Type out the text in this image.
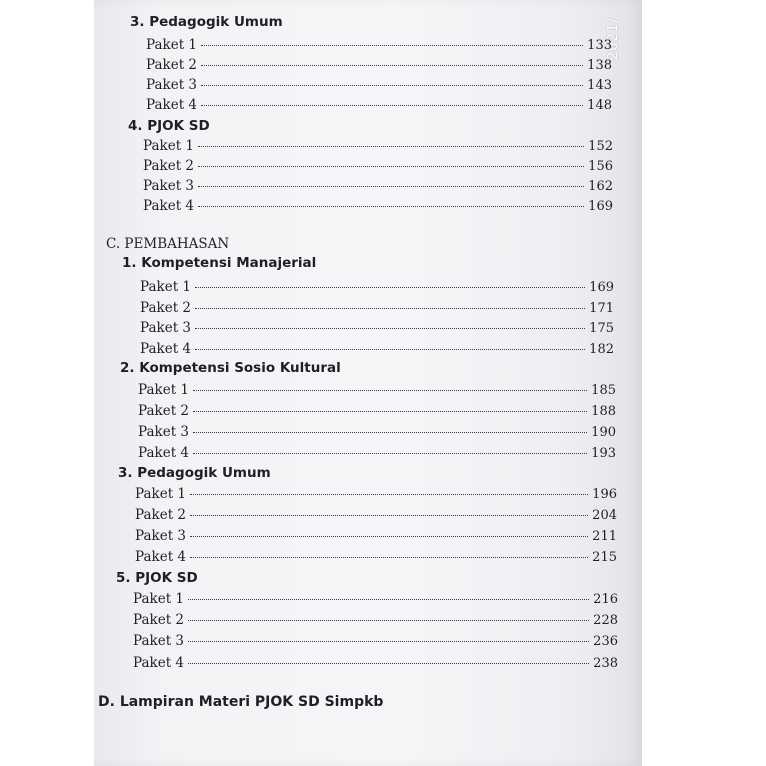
2021/
3. Pedagogik Umum
Paket 1	133
Paket 2	138
Paket 3	143
Paket 4	148
4. PJOK SD
Paket 1	152
Paket 2	156
Paket 3	162
Paket 4	169
C. PEMBAHASAN
1. Kompetensi Manajerial
Paket 1	169
Paket 2	171
Paket 3	175
Paket 4	182
2. Kompetensi Sosio Kultural
Paket 1	185
Paket 2	188
Paket 3	190
Paket 4	193
3. Pedagogik Umum
Paket 1	196
Paket 2	204
Paket 3	211
Paket 4	215
5. PJOK SD
Paket 1	216
Paket 2	228
Paket 3	236
Paket 4	238
D. Lampiran Materi PJOK SD Simpkb
